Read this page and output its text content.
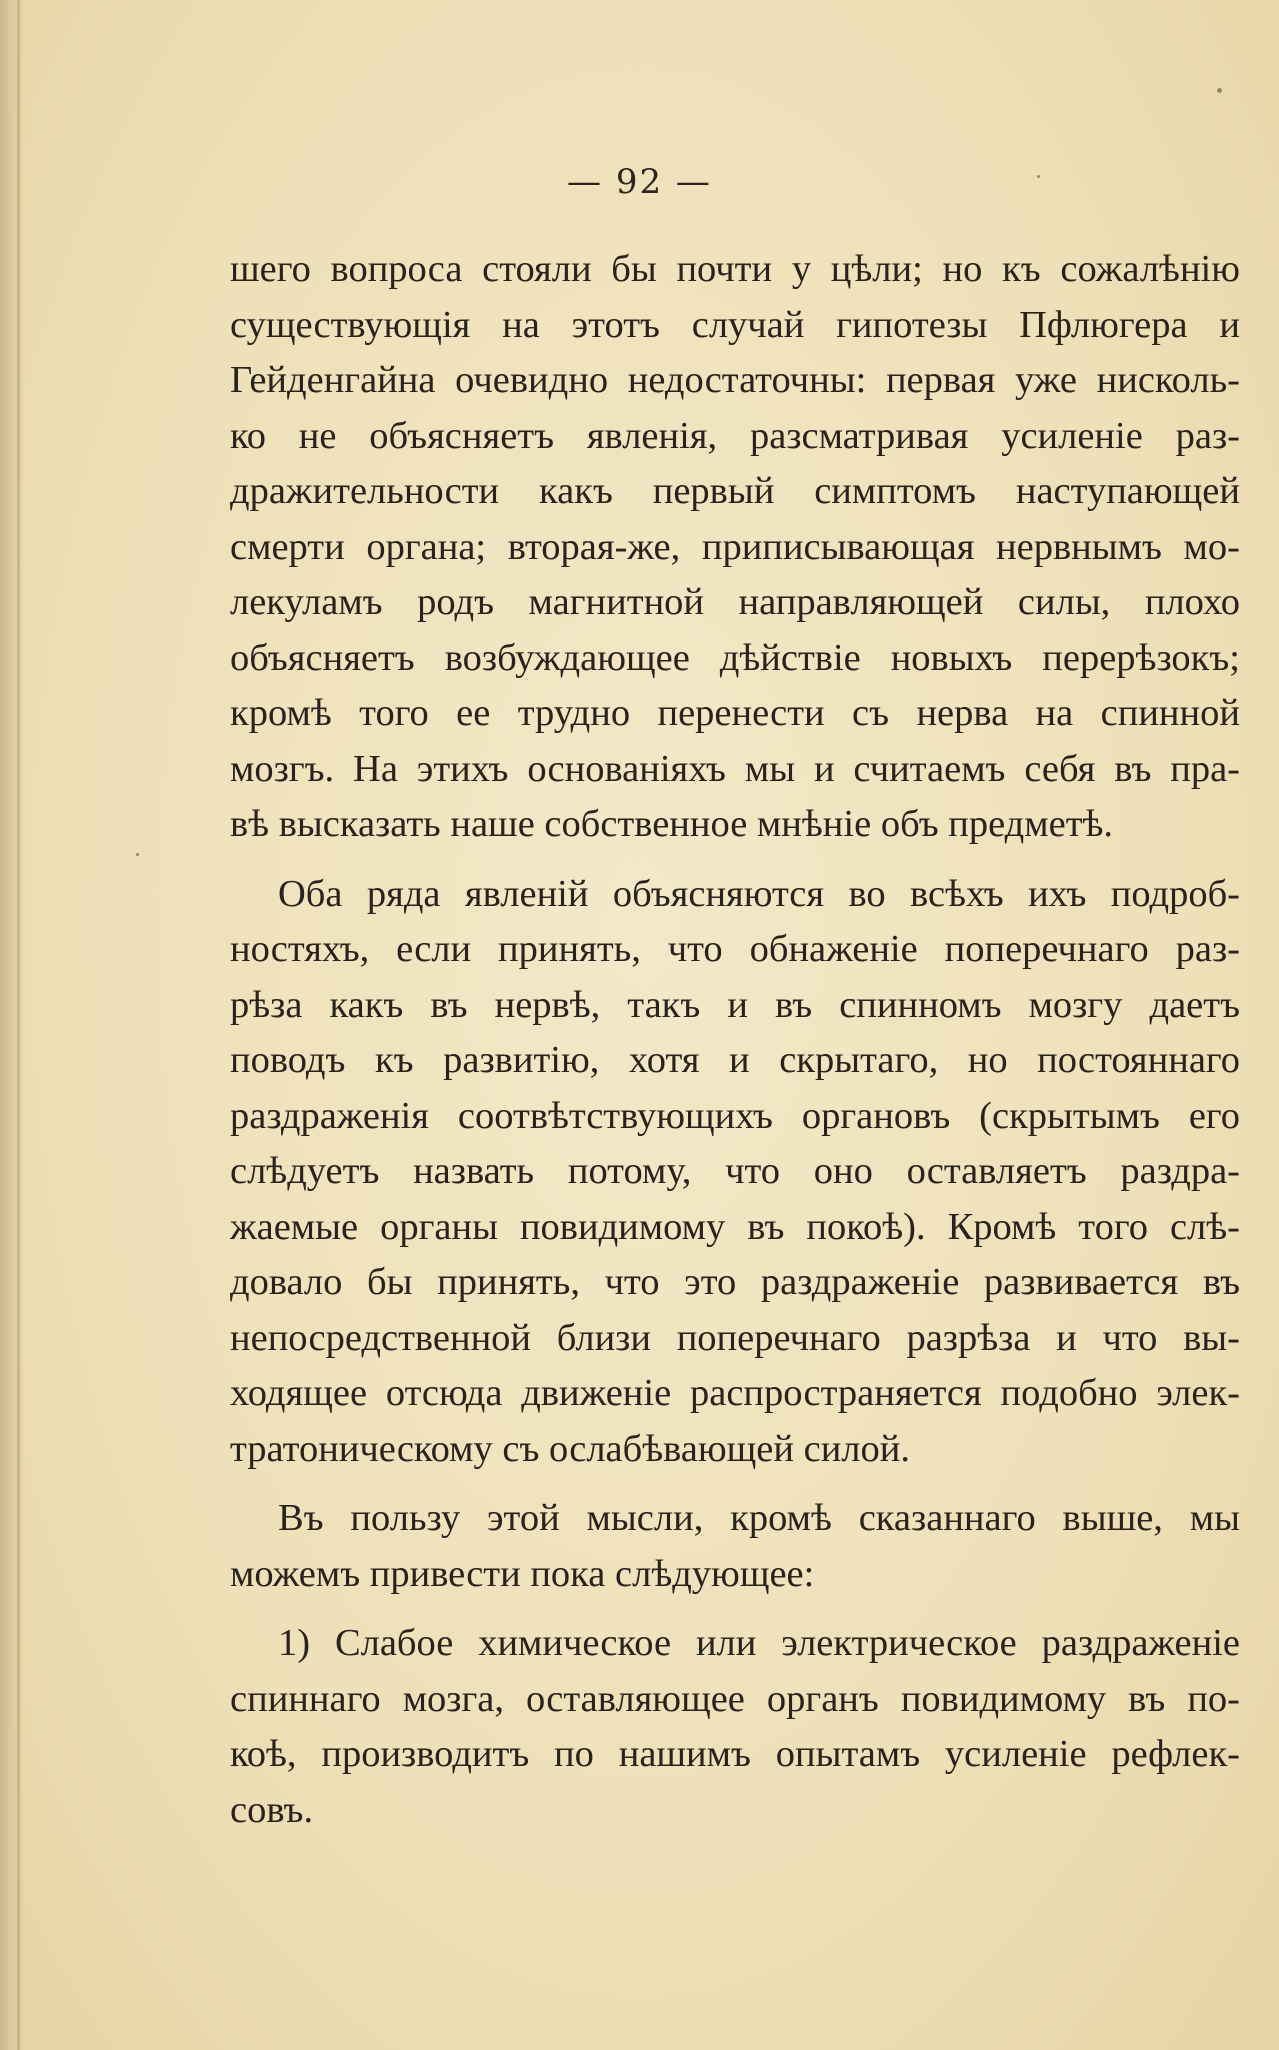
— 92 —

шего вопроса стояли бы почти у цѣли; но къ сожалѣнію
существующія на этотъ случай гипотезы Пфлюгера и
Гейденгайна очевидно недостаточны: первая уже нисколь-
ко не объясняетъ явленія, разсматривая усиленіе раз-
дражительности какъ первый симптомъ наступающей
смерти органа; вторая-же, приписывающая нервнымъ мо-
лекуламъ родъ магнитной направляющей силы, плохо
объясняетъ возбуждающее дѣйствіе новыхъ перерѣзокъ;
кромѣ того ее трудно перенести съ нерва на спинной
мозгъ. На этихъ основаніяхъ мы и считаемъ себя въ пра-
вѣ высказать наше собственное мнѣніе объ предметѣ.

Оба ряда явленій объясняются во всѣхъ ихъ подроб-
ностяхъ, если принять, что обнаженіе поперечнаго раз-
рѣза какъ въ нервѣ, такъ и въ спинномъ мозгу даетъ
поводъ къ развитію, хотя и скрытаго, но постояннаго
раздраженія соотвѣтствующихъ органовъ (скрытымъ его
слѣдуетъ назвать потому, что оно оставляетъ раздра-
жаемые органы повидимому въ покоѣ). Кромѣ того слѣ-
довало бы принять, что это раздраженіе развивается въ
непосредственной близи поперечнаго разрѣза и что вы-
ходящее отсюда движеніе распространяется подобно элек-
тратоническому съ ослабѣвающей силой.

Въ пользу этой мысли, кромѣ сказаннаго выше, мы
можемъ привести пока слѣдующее:

1) Слабое химическое или электрическое раздраженіе
спиннаго мозга, оставляющее органъ повидимому въ по-
коѣ, производитъ по нашимъ опытамъ усиленіе рефлек-
совъ.
